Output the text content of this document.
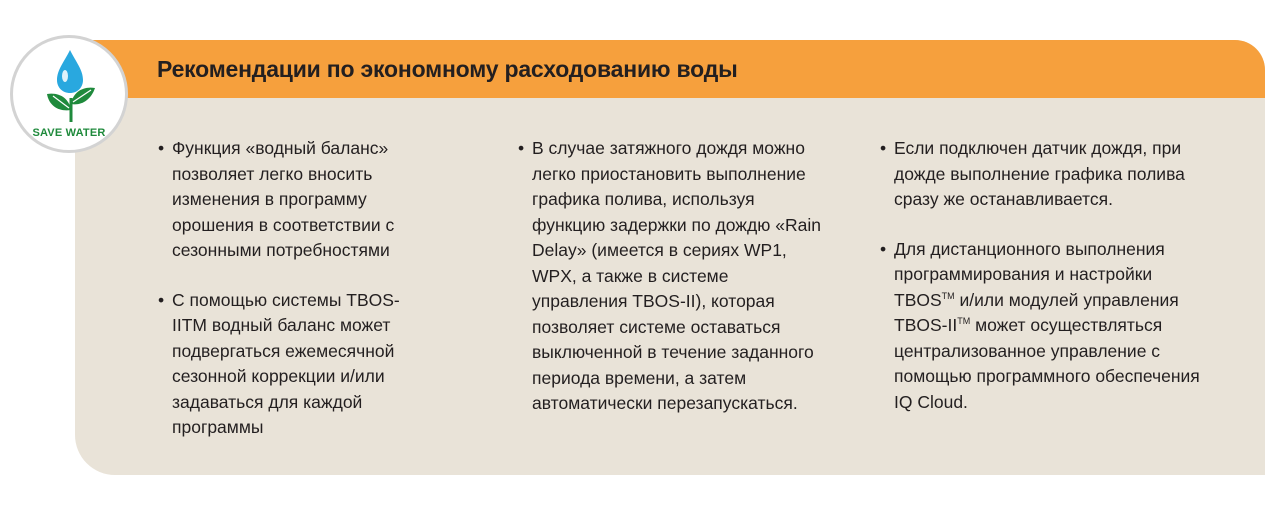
Рекомендации по экономному расходованию воды
SAVE WATER
• Функция «водный баланс» позволяет легко вносить изменения в программу орошения в соответствии с сезонными потребностями
• С помощью системы TBOS-IITM водный баланс может подвергаться ежемесячной сезонной коррекции и/или задаваться для каждой программы
• В случае затяжного дождя можно легко приостановить выполнение графика полива, используя функцию задержки по дождю «Rain Delay» (имеется в сериях WP1, WPX, а также в системе управления TBOS-II), которая позволяет системе оставаться выключенной в течение заданного периода времени, а затем автоматически перезапускаться.
• Если подключен датчик дождя, при дожде выполнение графика полива сразу же останавливается.
• Для дистанционного выполнения программирования и настройки TBOS™ и/или модулей управления TBOS-II™ может осуществляться централизованное управление с помощью программного обеспечения IQ Cloud.
